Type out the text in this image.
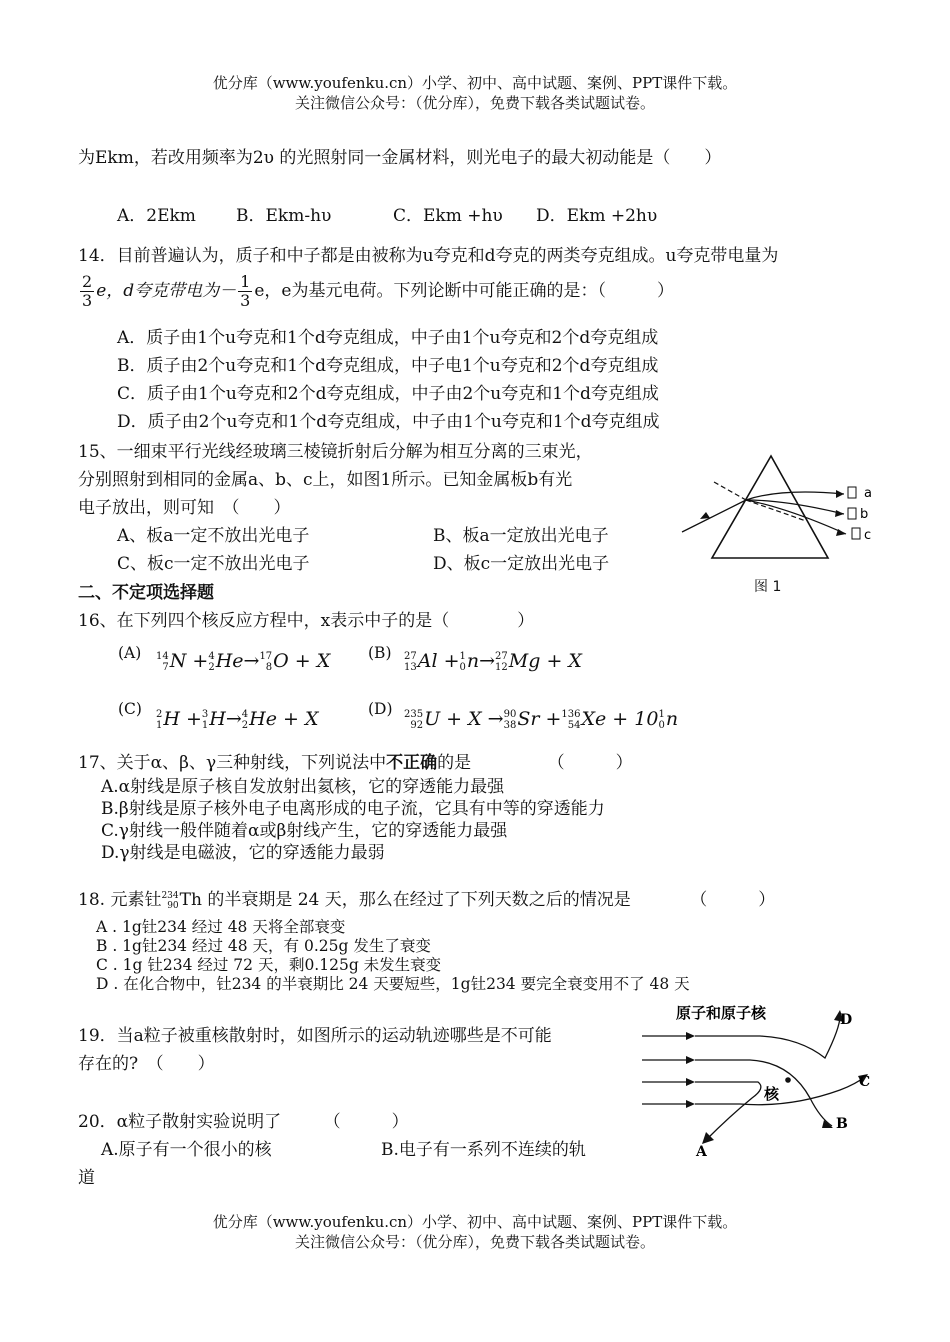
优分库（www.youfenku.cn）小学、初中、高中试题、案例、PPT课件下载。
关注微信公众号：（优分库），免费下载各类试题试卷。
为Ekm，若改用频率为2υ 的光照射同一金属材料，则光电子的最大初动能是（　　）
A．2Ekm B．Ekm-hυ	C．Ekm +hυ D．Ekm +2hυ
14．目前普遍认为，质子和中子都是由被称为u夸克和d夸克的两类夸克组成。u夸克带电量为
$\frac{2}{3}$ e，d夸克带电为－ $\frac{1}{3}$ e，e为基元电荷。下列论断中可能正确的是：（　　　）
A．质子由1个u夸克和1个d夸克组成，中子由1个u夸克和2个d夸克组成
B．质子由2个u夸克和1个d夸克组成，中子电1个u夸克和2个d夸克组成
C．质子由1个u夸克和2个d夸克组成，中子由2个u夸克和1个d夸克组成
D．质子由2个u夸克和1个d夸克组成，中子由1个u夸克和1个d夸克组成
15、一细束平行光线经玻璃三棱镜折射后分解为相互分离的三束光，
分别照射到相同的金属a、b、c上，如图1所示。已知金属板b有光
电子放出，则可知　（　　）
A、板a一定不放出光电子	B、板a一定放出光电子
C、板c一定不放出光电子	D、板c一定放出光电子
a
b
c
图 1
二、不定项选择题
16、在下列四个核反应方程中，x表示中子的是（　　　　）
(A) 14
7 N + 4
2 He→ 17
8 O + X (B) 27
13 Al + 1
0 n→ 27
12 Mg + X
(C) 2
1 H + 3
1 H→ 4
2 He + X	(D) 235
92 U + X → 90
38 Sr + 136
54 Xe + 10 1
0 n
17、关于α、β、γ三种射线，下列说法中不正确的是　　　　　（　　　）
A.α射线是原子核自发放射出氦核，它的穿透能力最强
B.β射线是原子核外电子电离形成的电子流，它具有中等的穿透能力
C.γ射线一般伴随着α或β射线产生，它的穿透能力最强
D.γ射线是电磁波，它的穿透能力最弱
18. 元素钍 234
90 Th 的半衰期是 24 天，那么在经过了下列天数之后的情况是　　　　（　　　）
A . 1g钍234 经过 48 天将全部衰变
B . 1g钍234 经过 48 天，有 0.25g 发生了衰变
C . 1g 钍234 经过 72 天，剩0.125g 未发生衰变
D . 在化合物中，钍234 的半衰期比 24 天要短些，1g钍234 要完全衰变用不了 48 天
19．当a粒子被重核散射时，如图所示的运动轨迹哪些是不可能
存在的?　（　　）
原子和原子核
核
D
B
A
C
20．α粒子散射实验说明了　　　（　　　）
A.原子有一个很小的核	B.电子有一系列不连续的轨
道
优分库（www.youfenku.cn）小学、初中、高中试题、案例、PPT课件下载。
关注微信公众号：（优分库），免费下载各类试题试卷。
